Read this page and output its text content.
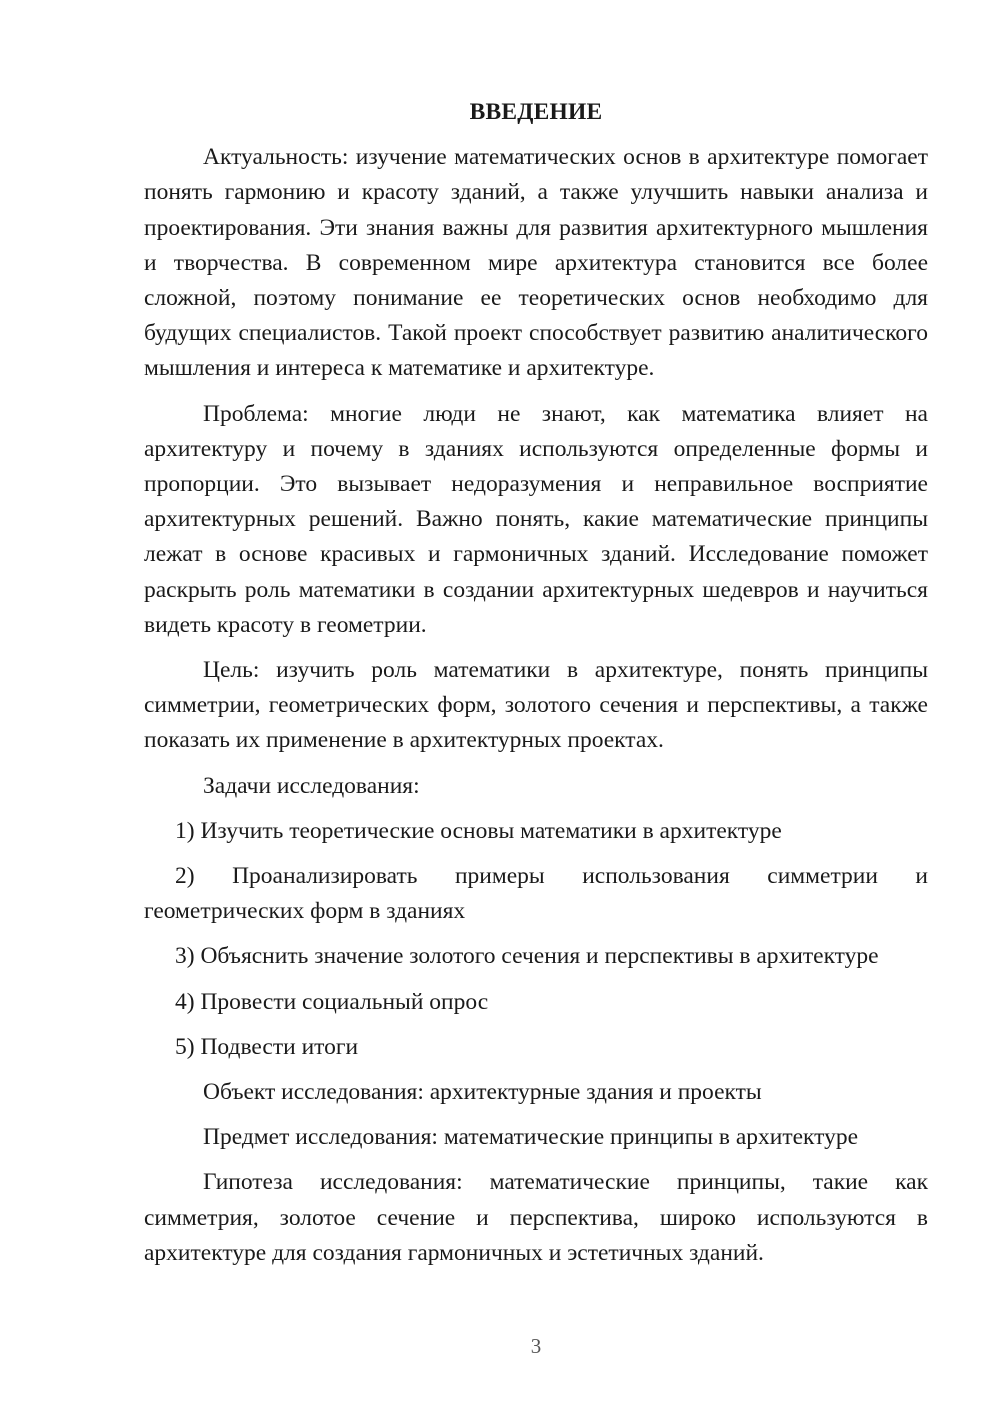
ВВЕДЕНИЕ

Актуальность: изучение математических основ в архитектуре помогает понять гармонию и красоту зданий, а также улучшить навыки анализа и проектирования. Эти знания важны для развития архитектурного мышления и творчества. В современном мире архитектура становится все более сложной, поэтому понимание ее теоретических основ необходимо для будущих специалистов. Такой проект способствует развитию аналитического мышления и интереса к математике и архитектуре.

Проблема: многие люди не знают, как математика влияет на архитектуру и почему в зданиях используются определенные формы и пропорции. Это вызывает недоразумения и неправильное восприятие архитектурных решений. Важно понять, какие математические принципы лежат в основе красивых и гармоничных зданий. Исследование поможет раскрыть роль математики в создании архитектурных шедевров и научиться видеть красоту в геометрии.

Цель: изучить роль математики в архитектуре, понять принципы симметрии, геометрических форм, золотого сечения и перспективы, а также показать их применение в архитектурных проектах.

Задачи исследования:

1) Изучить теоретические основы математики в архитектуре

2) Проанализировать примеры использования симметрии и геометрических форм в зданиях

3) Объяснить значение золотого сечения и перспективы в архитектуре

4) Провести социальный опрос

5) Подвести итоги

Объект исследования: архитектурные здания и проекты

Предмет исследования: математические принципы в архитектуре

Гипотеза исследования: математические принципы, такие как симметрия, золотое сечение и перспектива, широко используются в архитектуре для создания гармоничных и эстетичных зданий.

3
